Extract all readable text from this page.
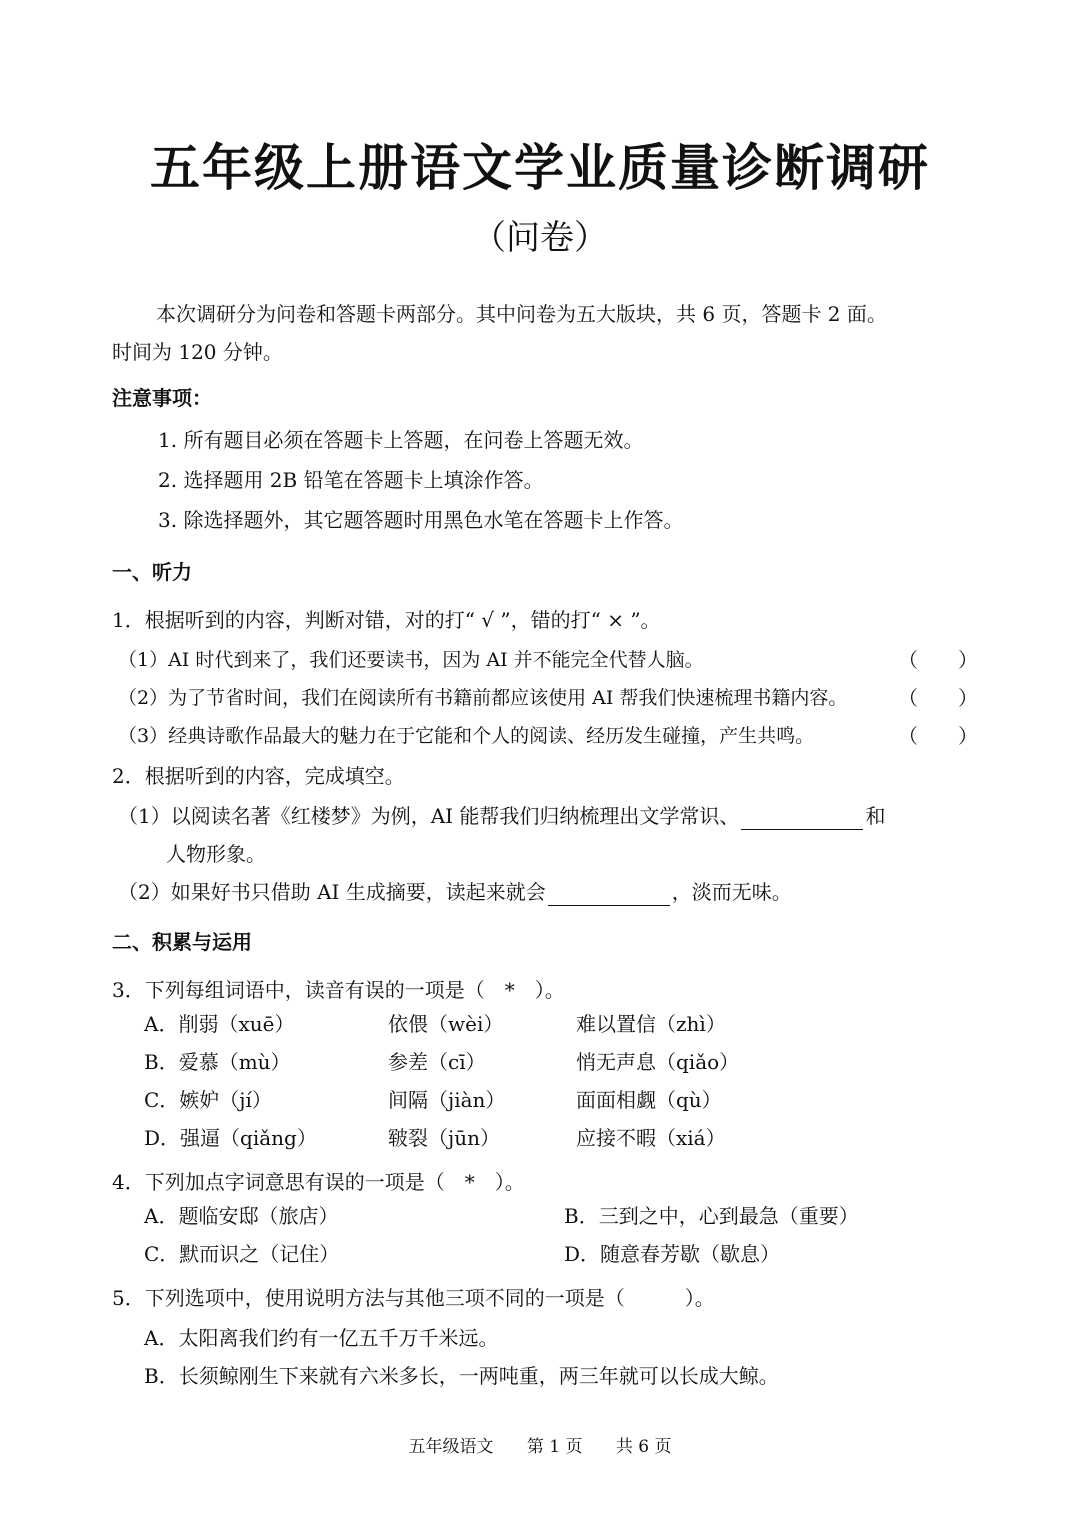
五年级上册语文学业质量诊断调研
（问卷）
本次调研分为问卷和答题卡两部分。其中问卷为五大版块，共 6 页，答题卡 2 面。
时间为 120 分钟。
注意事项：
1. 所有题目必须在答题卡上答题，在问卷上答题无效。
2. 选择题用 2B 铅笔在答题卡上填涂作答。
3. 除选择题外，其它题答题时用黑色水笔在答题卡上作答。
一、听力
1．根据听到的内容，判断对错，对的打“ √ ”，错的打“ × ”。
（1）AI 时代到来了，我们还要读书，因为 AI 并不能完全代替人脑。	（　　）
（2）为了节省时间，我们在阅读所有书籍前都应该使用 AI 帮我们快速梳理书籍内容。	（　　）
（3）经典诗歌作品最大的魅力在于它能和个人的阅读、经历发生碰撞，产生共鸣。	（　　）
2．根据听到的内容，完成填空。
（1）以阅读名著《红楼梦》为例，AI 能帮我们归纳梳理出文学常识、	和
人物形象。
（2）如果好书只借助 AI 生成摘要，读起来就会	，淡而无味。
二、积累与运用
3．下列每组词语中，读音有误的一项是（　*　）。
A．削弱（xuē）	依偎（wèi）	难以置信（zhì）
B．爱慕（mù）	参差（cī）	悄无声息（qiǎo）
C．嫉妒（jí）	间隔（jiàn）	面面相觑（qù）
D．强逼（qiǎng）	皲裂（jūn）	应接不暇（xiá）
4．下列加点字词意思有误的一项是（　*　）。
A．题临安邸（旅店）	B．三到之中，心到最急（重要）
C．默而识之（记住）	D．随意春芳歇（歇息）
5．下列选项中，使用说明方法与其他三项不同的一项是（　　　）。
A．太阳离我们约有一亿五千万千米远。
B．长须鲸刚生下来就有六米多长，一两吨重，两三年就可以长成大鲸。
五年级语文 第 1 页 共 6 页
